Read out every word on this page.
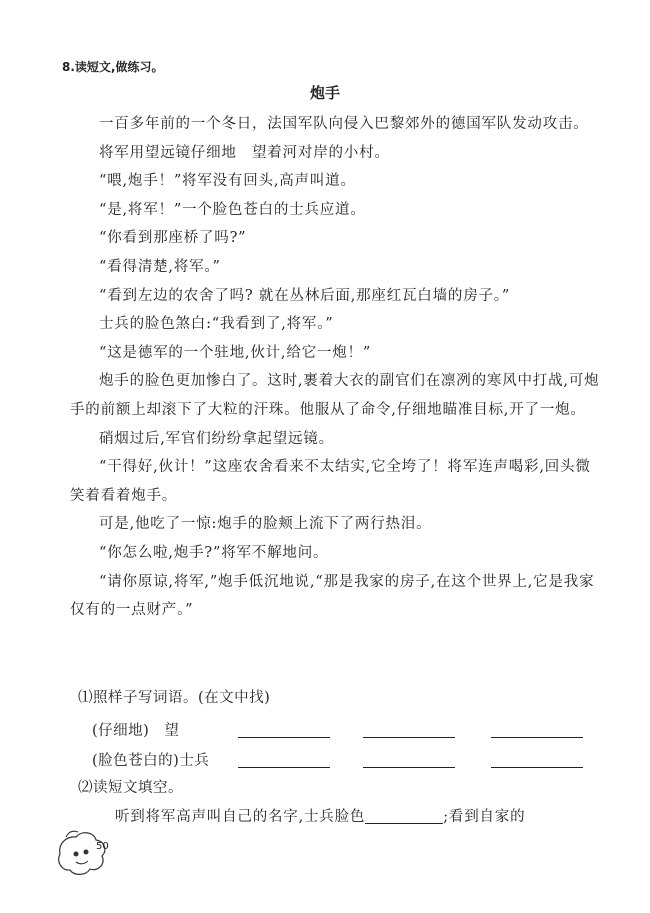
8.读短文,做练习。
炮手

一百多年前的一个冬日，法国军队向侵入巴黎郊外的德国军队发动攻击。

将军用望远镜仔细地　望着河对岸的小村。

“喂,炮手！”将军没有回头,高声叫道。

“是,将军！”一个脸色苍白的士兵应道。

“你看到那座桥了吗?”

“看得清楚,将军。”

“看到左边的农舍了吗? 就在丛林后面,那座红瓦白墙的房子。”

士兵的脸色煞白:“我看到了,将军。”

“这是德军的一个驻地,伙计,给它一炮！”

炮手的脸色更加惨白了。这时,裹着大衣的副官们在凛冽的寒风中打战,可炮手的前额上却滚下了大粒的汗珠。他服从了命令,仔细地瞄准目标,开了一炮。

硝烟过后,军官们纷纷拿起望远镜。

“干得好,伙计！”这座农舍看来不太结实,它全垮了！将军连声喝彩,回头微笑着看着炮手。

可是,他吃了一惊:炮手的脸颊上流下了两行热泪。

“你怎么啦,炮手?”将军不解地问。

“请你原谅,将军,”炮手低沉地说,“那是我家的房子,在这个世界上,它是我家仅有的一点财产。”

⑴照样子写词语。(在文中找)

(仔细地)　望
(脸色苍白的)士兵

⑵读短文填空。

听到将军高声叫自己的名字,士兵脸色	;看到自家的

50
